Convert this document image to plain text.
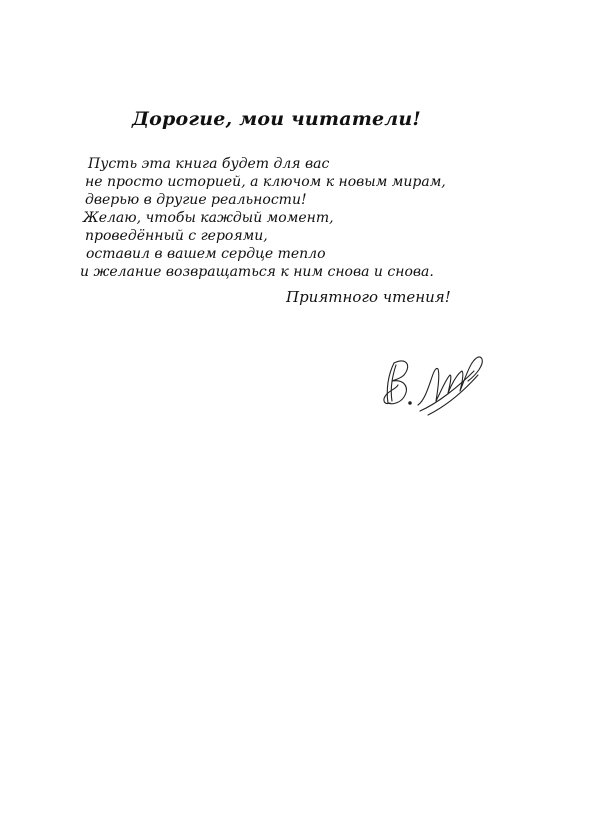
Дорогие, мои читатели!
Пусть эта книга будет для вас
не просто историей, а ключом к новым мирам,
дверью в другие реальности!
Желаю, чтобы каждый момент,
проведённый с героями,
оставил в вашем сердце тепло
и желание возвращаться к ним снова и снова.
Приятного чтения!
